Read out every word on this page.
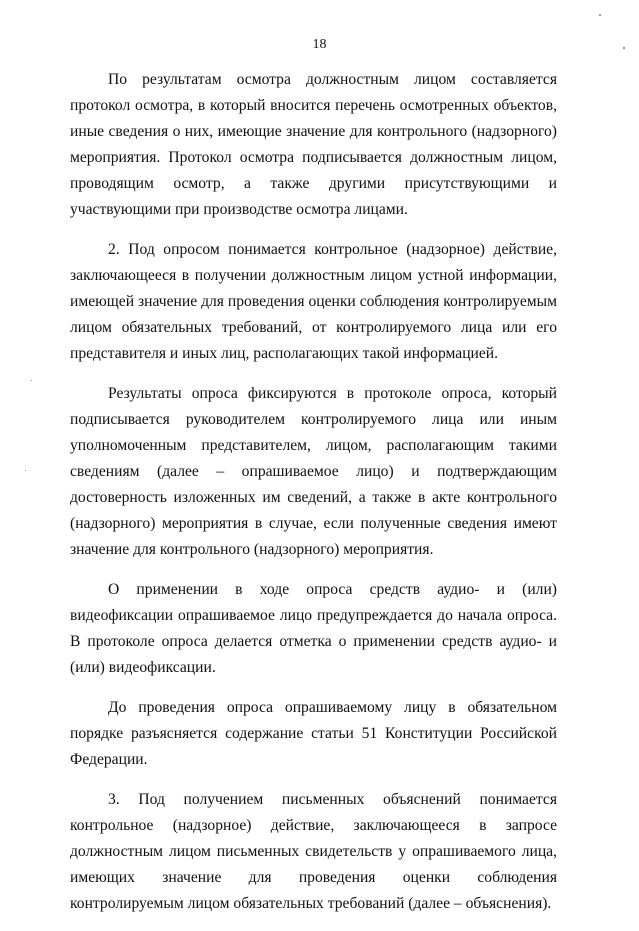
18

По результатам осмотра должностным лицом составляется протокол осмотра, в который вносится перечень осмотренных объектов, иные сведения о них, имеющие значение для контрольного (надзорного) мероприятия. Протокол осмотра подписывается должностным лицом, проводящим осмотр, а также другими присутствующими и участвующими при производстве осмотра лицами.

2. Под опросом понимается контрольное (надзорное) действие, заключающееся в получении должностным лицом устной информации, имеющей значение для проведения оценки соблюдения контролируемым лицом обязательных требований, от контролируемого лица или его представителя и иных лиц, располагающих такой информацией.

Результаты опроса фиксируются в протоколе опроса, который подписывается руководителем контролируемого лица или иным уполномоченным представителем, лицом, располагающим такими сведениям (далее – опрашиваемое лицо) и подтверждающим достоверность изложенных им сведений, а также в акте контрольного (надзорного) мероприятия в случае, если полученные сведения имеют значение для контрольного (надзорного) мероприятия.

О применении в ходе опроса средств аудио- и (или) видеофиксации опрашиваемое лицо предупреждается до начала опроса. В протоколе опроса делается отметка о применении средств аудио- и (или) видеофиксации.

До проведения опроса опрашиваемому лицу в обязательном порядке разъясняется содержание статьи 51 Конституции Российской Федерации.

3. Под получением письменных объяснений понимается контрольное (надзорное) действие, заключающееся в запросе должностным лицом письменных свидетельств у опрашиваемого лица, имеющих значение для проведения оценки соблюдения контролируемым лицом обязательных требований (далее – объяснения).
